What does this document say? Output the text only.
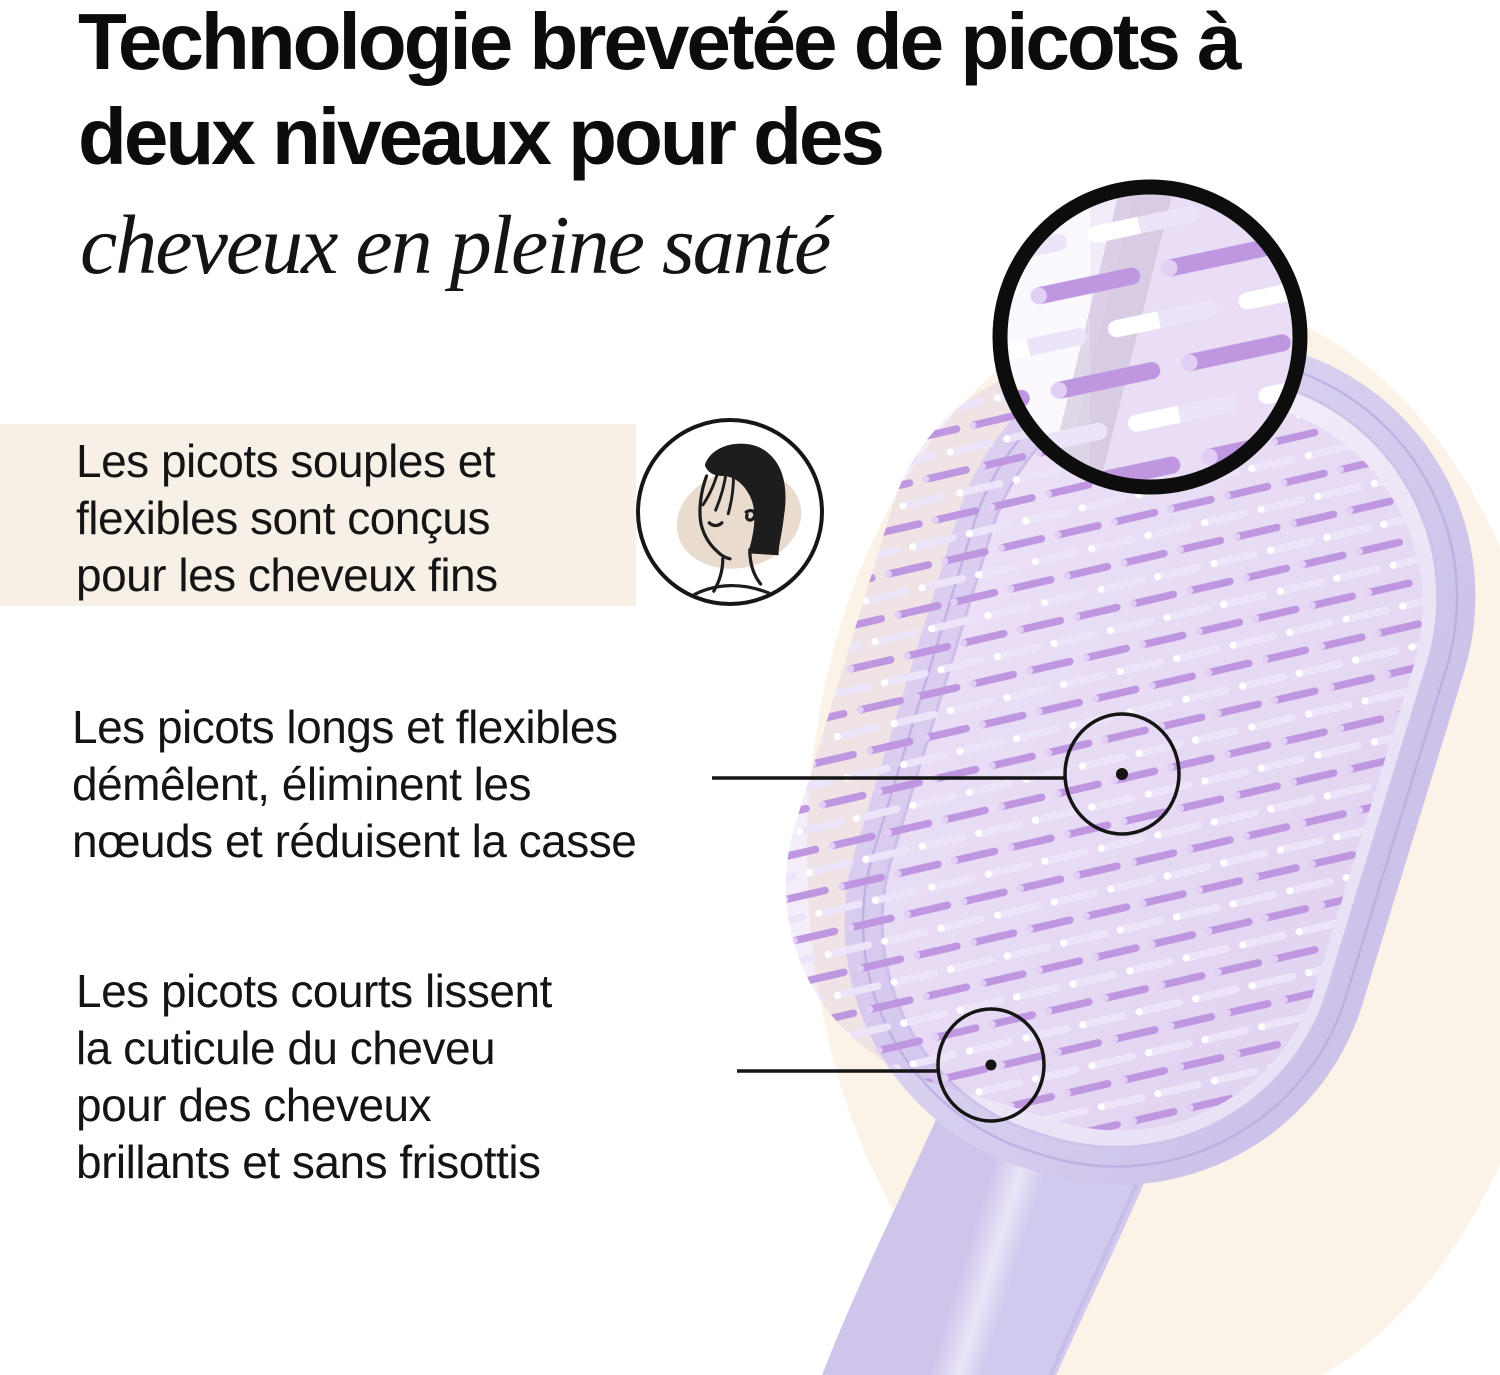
Technologie brevetée de picots à
deux niveaux pour des
cheveux en pleine santé
Les picots souples et
flexibles sont conçus
pour les cheveux fins
Les picots longs et flexibles
démêlent, éliminent les
nœuds et réduisent la casse
Les picots courts lissent
la cuticule du cheveu
pour des cheveux
brillants et sans frisottis
